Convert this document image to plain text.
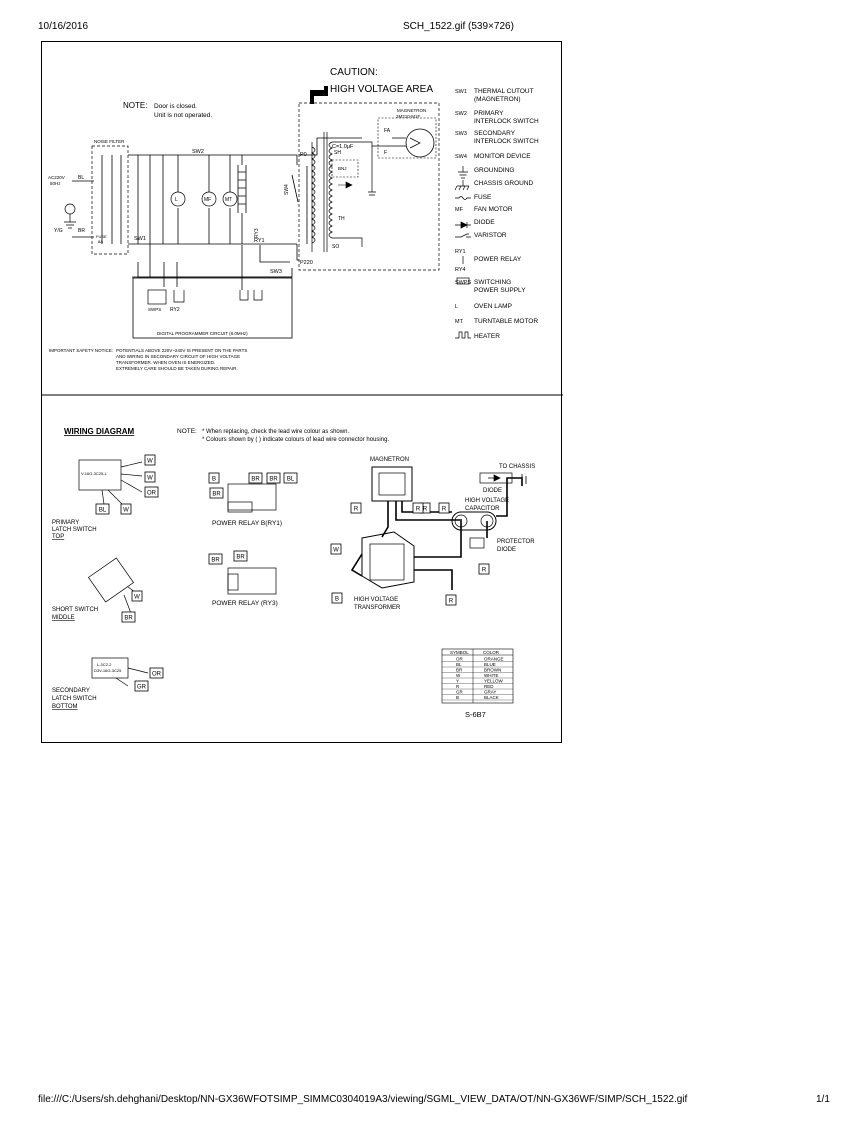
10/16/2016	SCH_1522.gif (539×726)
CAUTION:
HIGH VOLTAGE AREA
NOTE: Door is closed.
Unit is not operated.
NOISE FILTER
AC220V
50Hz
BL
BR
Y/G
FUSE
8A
SW2
L	MF	MT
SW4
P0
P220
SH
TH
SO
C=1.0μF
BNJ
MAGNETRON
2M210-M1F
FA
F
RY3
RY1
SW3
SW1
SWPS RY2
DIGITAL PROGRAMMER CIRCUIT (8.0MHz)
IMPORTANT SAFETY NOTICE: POTENTIALS ABOVE 220V~240V IS PRESENT ON THE PARTS
AND WIRING IN SECONDARY CIRCUIT OF HIGH VOLTAGE
TRANSFORMER. WHEN OVEN IS ENERGIZED.
EXTREMELY CARE SHOULD BE TAKEN DURING REPAIR.
WIRING DIAGRAM	NOTE: * When replacing, check the lead wire colour as shown.
* Colours shown by ( ) indicate colours of lead wire connector housing.
V-16G-3C25-L
PRIMARY
LATCH SWITCH
TOP
SHORT SWITCH
MIDDLE
L-3C2-2
D3V-16G-3C25
SECONDARY
LATCH SWITCH
BOTTOM
POWER RELAY B(RY1)
POWER RELAY (RY3)
MAGNETRON
TO CHASSIS
DIODE
HIGH VOLTAGE
CAPACITOR
PROTECTOR
DIODE
HIGH VOLTAGE
TRANSFORMER
SYMBOL	COLOR
OR	ORANGE
BL	BLUE
BR	BROWN
W	WHITE
Y	YELLOW
R	RED
GR	GRAY
B	BLACK
S-6B7
W
W
OR
BL	W
W
BR
OR
GR
B	BR BR BL
BR
BR	BR
R	R
W
B
R	R
R
R
SW1 THERMAL CUTOUT
(MAGNETRON)
SW2 PRIMARY
INTERLOCK SWITCH
SW3 SECONDARY
INTERLOCK SWITCH
SW4 MONITOR DEVICE
GROUNDING
CHASSIS GROUND
FUSE
MF FAN MOTOR
DIODE
VARISTOR
RY1
RY4
POWER RELAY
SWPS SWITCHING
POWER SUPPLY
L OVEN LAMP
MT TURNTABLE MOTOR
HEATER
file:///C:/Users/sh.dehghani/Desktop/NN-GX36WFOTSIMP_SIMMC0304019A3/viewing/SGML_VIEW_DATA/OT/NN-GX36WF/SIMP/SCH_1522.gif	1/1
